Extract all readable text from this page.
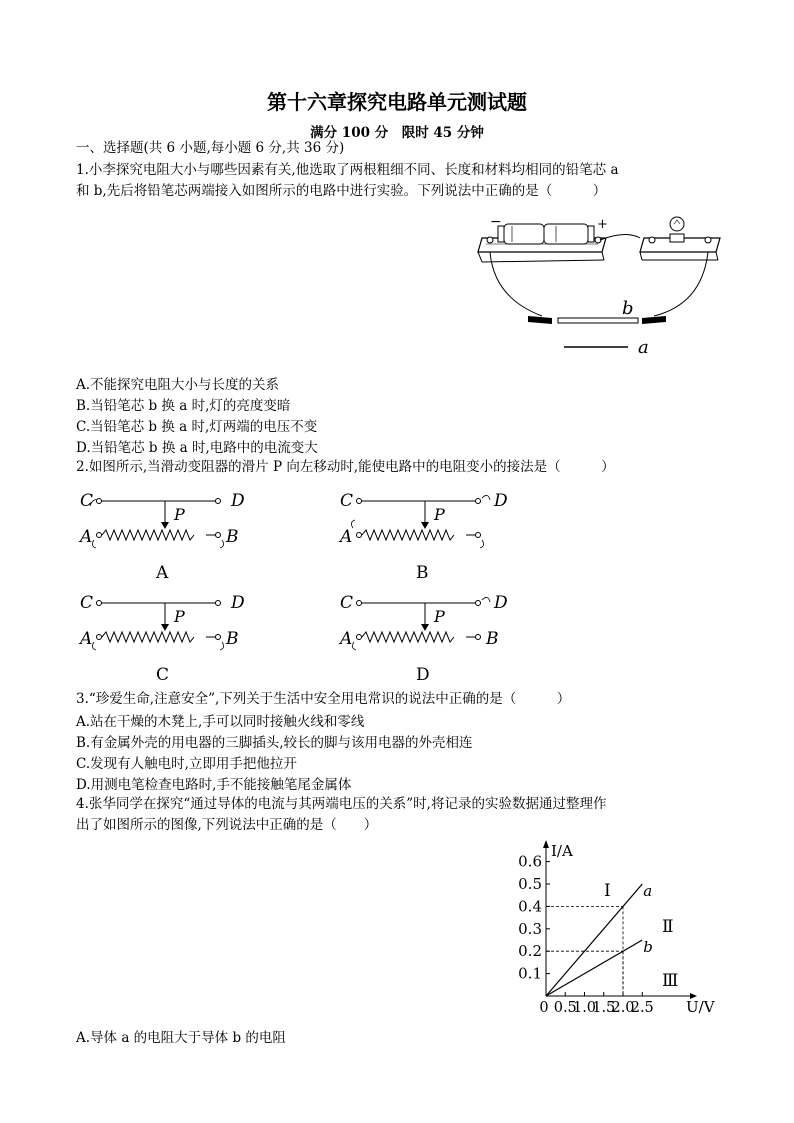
第十六章探究电路单元测试题
满分 100 分　限时 45 分钟
一、选择题(共 6 小题,每小题 6 分,共 36 分)
1.小李探究电阻大小与哪些因素有关,他选取了两根粗细不同、长度和材料均相同的铅笔芯 a
和 b,先后将铅笔芯两端接入如图所示的电路中进行实验。下列说法中正确的是（　　　）
−	+
b
a
A.不能探究电阻大小与长度的关系
B.当铅笔芯 b 换 a 时,灯的亮度变暗
C.当铅笔芯 b 换 a 时,灯两端的电压不变
D.当铅笔芯 b 换 a 时,电路中的电流变大
2.如图所示,当滑动变阻器的滑片 P 向左移动时,能使电路中的电阻变小的接法是（　　　）
C	D
A	B
P
A
C	D
A
P
B
C	D
A	B
P
C
C	D
A	B
P
D
3.“珍爱生命,注意安全”,下列关于生活中安全用电常识的说法中正确的是（　　　）
A.站在干燥的木凳上,手可以同时接触火线和零线
B.有金属外壳的用电器的三脚插头,较长的脚与该用电器的外壳相连
C.发现有人触电时,立即用手把他拉开
D.用测电笔检查电路时,手不能接触笔尾金属体
4.张华同学在探究“通过导体的电流与其两端电压的关系”时,将记录的实验数据通过整理作
出了如图所示的图像,下列说法中正确的是（　　）
I/A
U/V
0.1
0.2
0.3
0.4
0.5
0.6
0 0.5
1.0
1.5
2.0
2.5
a
b
Ⅰ
Ⅱ
Ⅲ
A.导体 a 的电阻大于导体 b 的电阻
